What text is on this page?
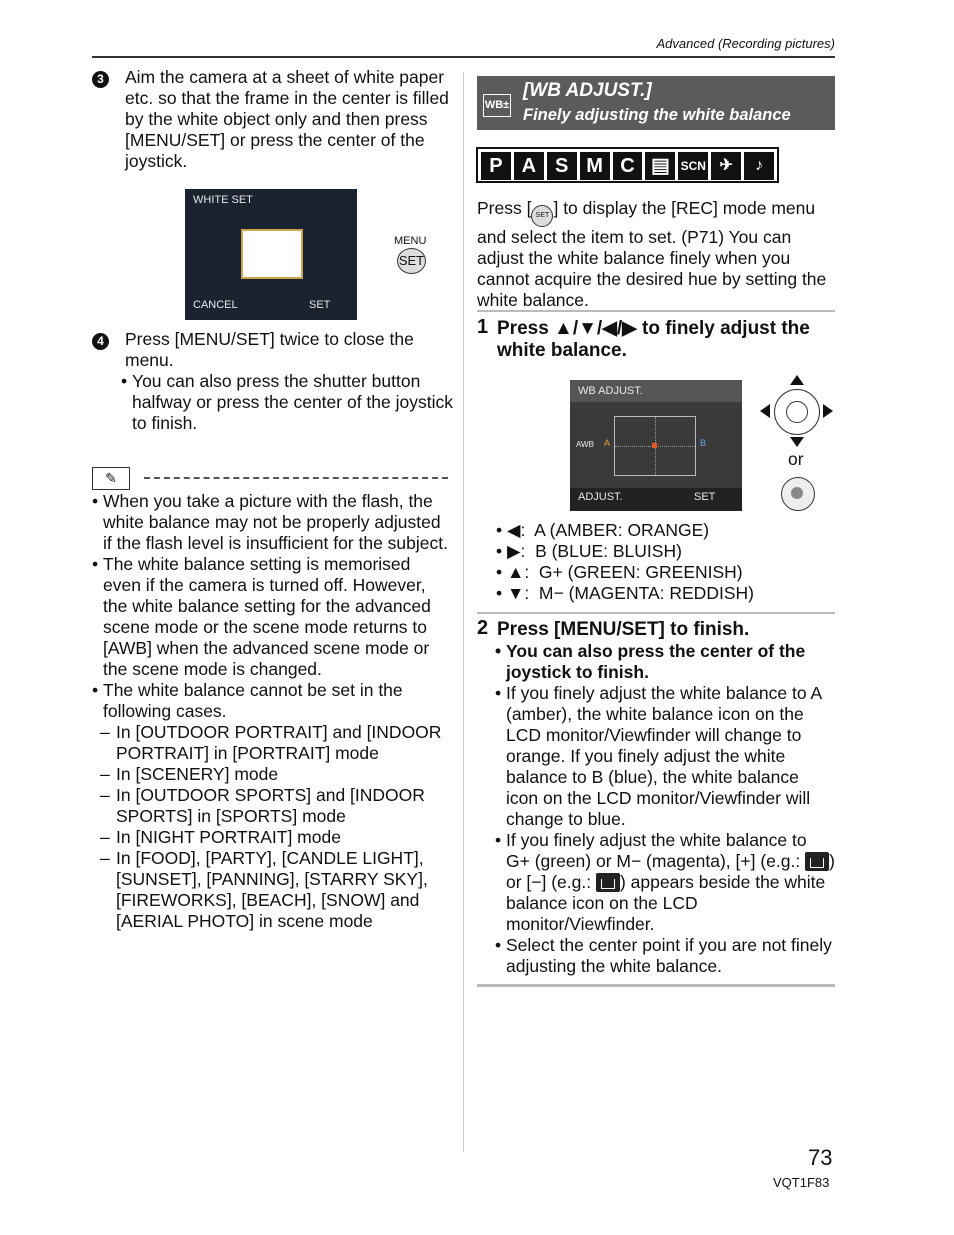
Advanced (Recording pictures)
3 Aim the camera at a sheet of white paper etc. so that the frame in the center is filled by the white object only and then press [MENU/SET] or press the center of the joystick.
WHITE SET
CANCEL	SET
MENU
SET
4 Press [MENU/SET] twice to close the menu.
• You can also press the shutter button halfway or press the center of the joystick to finish.
✎
• When you take a picture with the flash, the white balance may not be properly adjusted if the flash level is insufficient for the subject.
• The white balance setting is memorised even if the camera is turned off. However, the white balance setting for the advanced scene mode or the scene mode returns to [AWB] when the advanced scene mode or the scene mode is changed.
• The white balance cannot be set in the following cases.
– In [OUTDOOR PORTRAIT] and [INDOOR PORTRAIT] in [PORTRAIT] mode
– In [SCENERY] mode
– In [OUTDOOR SPORTS] and [INDOOR SPORTS] in [SPORTS] mode
– In [NIGHT PORTRAIT] mode
– In [FOOD], [PARTY], [CANDLE LIGHT], [SUNSET], [PANNING], [STARRY SKY], [FIREWORKS], [BEACH], [SNOW] and [AERIAL PHOTO] in scene mode
WB±
[WB ADJUST.]
Finely adjusting the white balance
P A S M C ▤ SCN ✈	♪
Press [ SET ] to display the [REC] mode menu and select the item to set. (P71) You can adjust the white balance finely when you cannot acquire the desired hue by setting the white balance.
1 Press ▲/▼/◀/▶ to finely adjust the white balance.
WB ADJUST.
AWB A	B
ADJUST.	SET
or
• ◀:  A (AMBER: ORANGE)
• ▶:  B (BLUE: BLUISH)
• ▲:  G+ (GREEN: GREENISH)
• ▼:  M− (MAGENTA: REDDISH)
2 Press [MENU/SET] to finish.
• You can also press the center of the joystick to finish.
• If you finely adjust the white balance to A (amber), the white balance icon on the LCD monitor/Viewfinder will change to orange. If you finely adjust the white balance to B (blue), the white balance icon on the LCD monitor/Viewfinder will change to blue.
• If you finely adjust the white balance to G+ (green) or M− (magenta), [+] (e.g.: ) or [−] (e.g.: ) appears beside the white balance icon on the LCD monitor/Viewfinder.
• Select the center point if you are not finely adjusting the white balance.
73
VQT1F83
